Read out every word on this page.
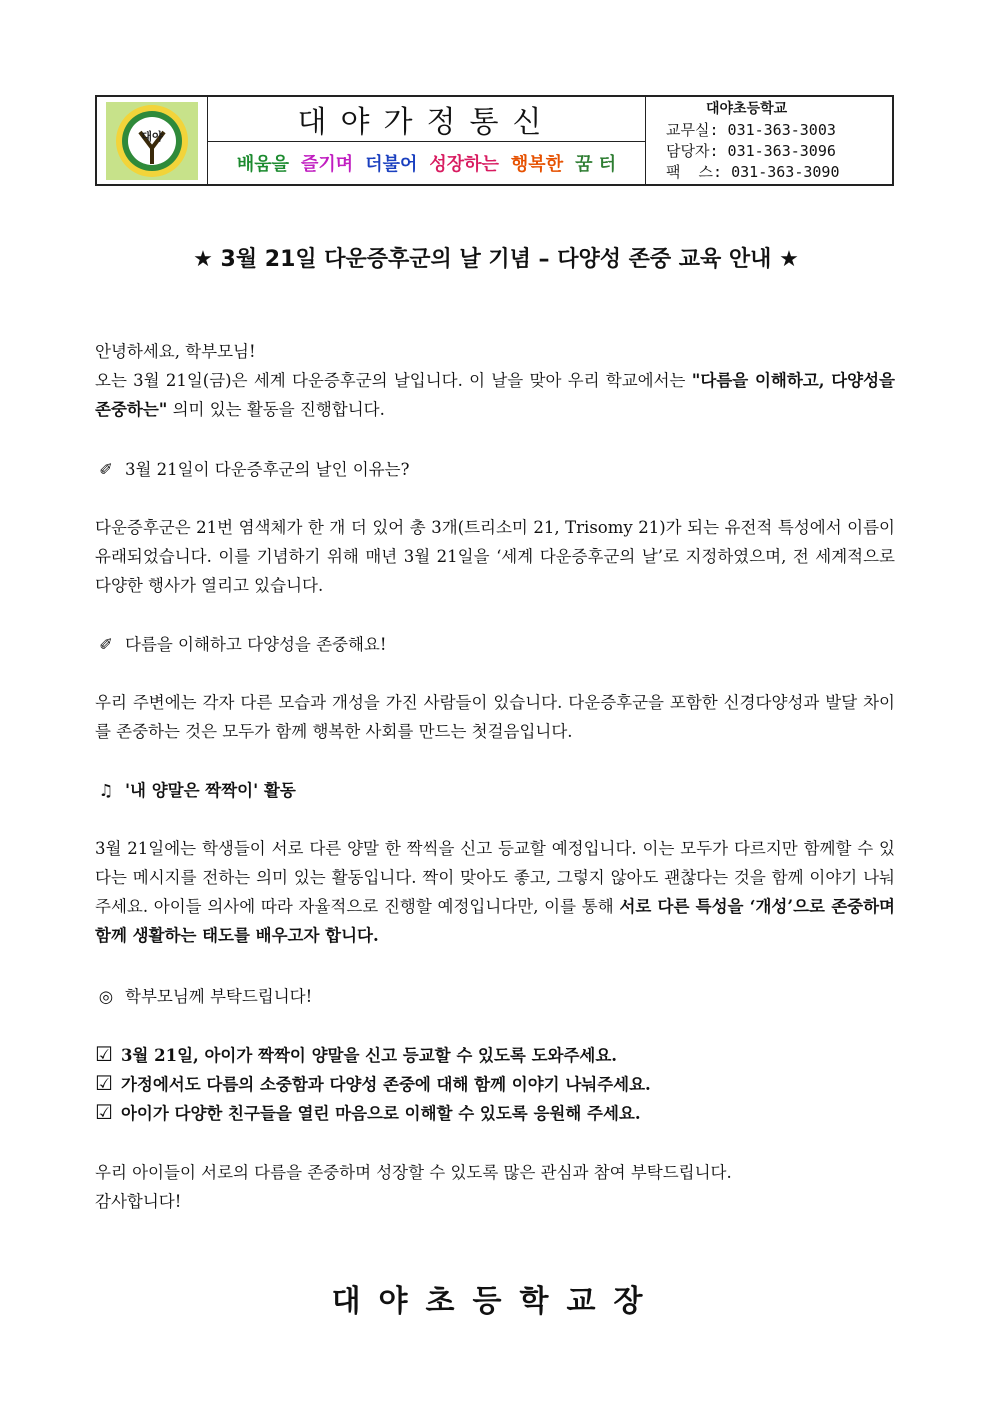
대야	대야가정통신
배움을 즐기며 더불어 성장하는 행복한 꿈 터
대야초등학교
교무실: 031-363-3003
담당자: 031-363-3096
팩  스: 031-363-3090
★ 3월 21일 다운증후군의 날 기념 – 다양성 존중 교육 안내 ★

안녕하세요, 학부모님!

오는 3월 21일(금)은 세계 다운증후군의 날입니다. 이 날을 맞아 우리 학교에서는 "다름을 이해하고, 다양성을 존중하는" 의미 있는 활동을 진행합니다.

✐ 3월 21일이 다운증후군의 날인 이유는?

다운증후군은 21번 염색체가 한 개 더 있어 총 3개(트리소미 21, Trisomy 21)가 되는 유전적 특성에서 이름이 유래되었습니다. 이를 기념하기 위해 매년 3월 21일을 ‘세계 다운증후군의 날’로 지정하였으며, 전 세계적으로 다양한 행사가 열리고 있습니다.

✐ 다름을 이해하고 다양성을 존중해요!

우리 주변에는 각자 다른 모습과 개성을 가진 사람들이 있습니다. 다운증후군을 포함한 신경다양성과 발달 차이를 존중하는 것은 모두가 함께 행복한 사회를 만드는 첫걸음입니다.

♫ '내 양말은 짝짝이' 활동

3월 21일에는 학생들이 서로 다른 양말 한 짝씩을 신고 등교할 예정입니다. 이는 모두가 다르지만 함께할 수 있다는 메시지를 전하는 의미 있는 활동입니다. 짝이 맞아도 좋고, 그렇지 않아도 괜찮다는 것을 함께 이야기 나눠주세요. 아이들 의사에 따라 자율적으로 진행할 예정입니다만, 이를 통해 서로 다른 특성을 ‘개성’으로 존중하며 함께 생활하는 태도를 배우고자 합니다.

◎ 학부모님께 부탁드립니다!

☑ 3월 21일, 아이가 짝짝이 양말을 신고 등교할 수 있도록 도와주세요.

☑ 가정에서도 다름의 소중함과 다양성 존중에 대해 함께 이야기 나눠주세요.

☑ 아이가 다양한 친구들을 열린 마음으로 이해할 수 있도록 응원해 주세요.

우리 아이들이 서로의 다름을 존중하며 성장할 수 있도록 많은 관심과 참여 부탁드립니다.

감사합니다!

대야초등학교장
